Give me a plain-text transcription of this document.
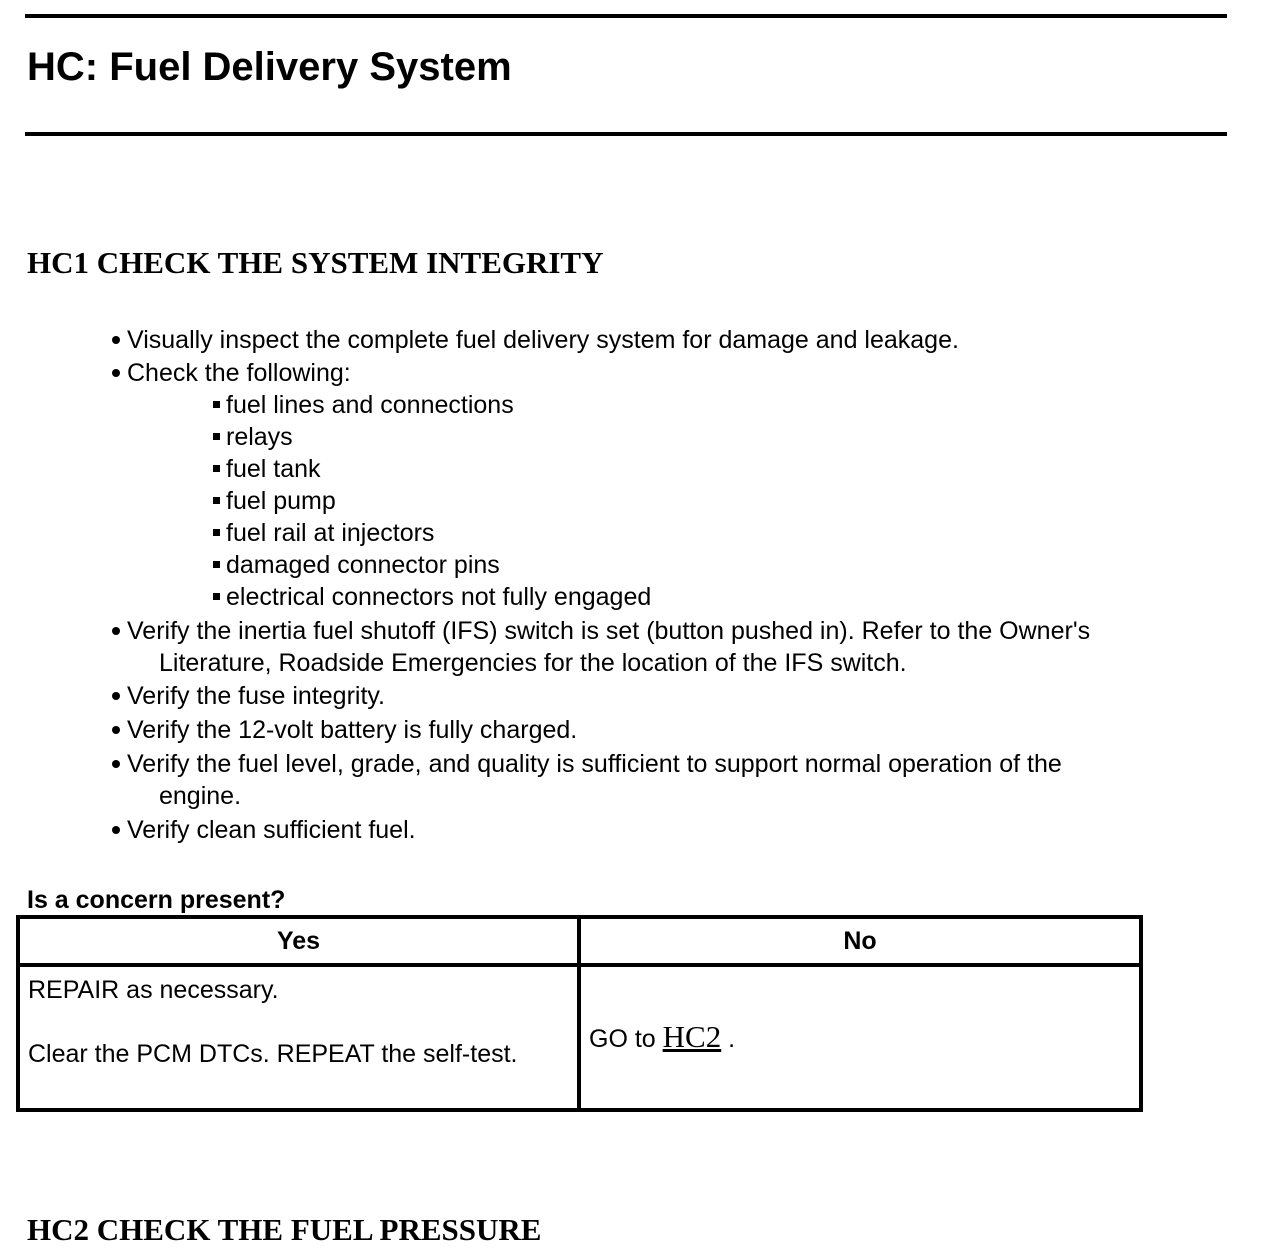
HC: Fuel Delivery System
HC1 CHECK THE SYSTEM INTEGRITY
Visually inspect the complete fuel delivery system for damage and leakage.
Check the following:
fuel lines and connections
relays
fuel tank
fuel pump
fuel rail at injectors
damaged connector pins
electrical connectors not fully engaged
Verify the inertia fuel shutoff (IFS) switch is set (button pushed in). Refer to the Owner's
Literature, Roadside Emergencies for the location of the IFS switch.
Verify the fuse integrity.
Verify the 12-volt battery is fully charged.
Verify the fuel level, grade, and quality is sufficient to support normal operation of the
engine.
Verify clean sufficient fuel.
Is a concern present?
Yes	No

REPAIR as necessary.

Clear the PCM DTCs. REPEAT the self-test.	GO to HC2 .
HC2 CHECK THE FUEL PRESSURE
